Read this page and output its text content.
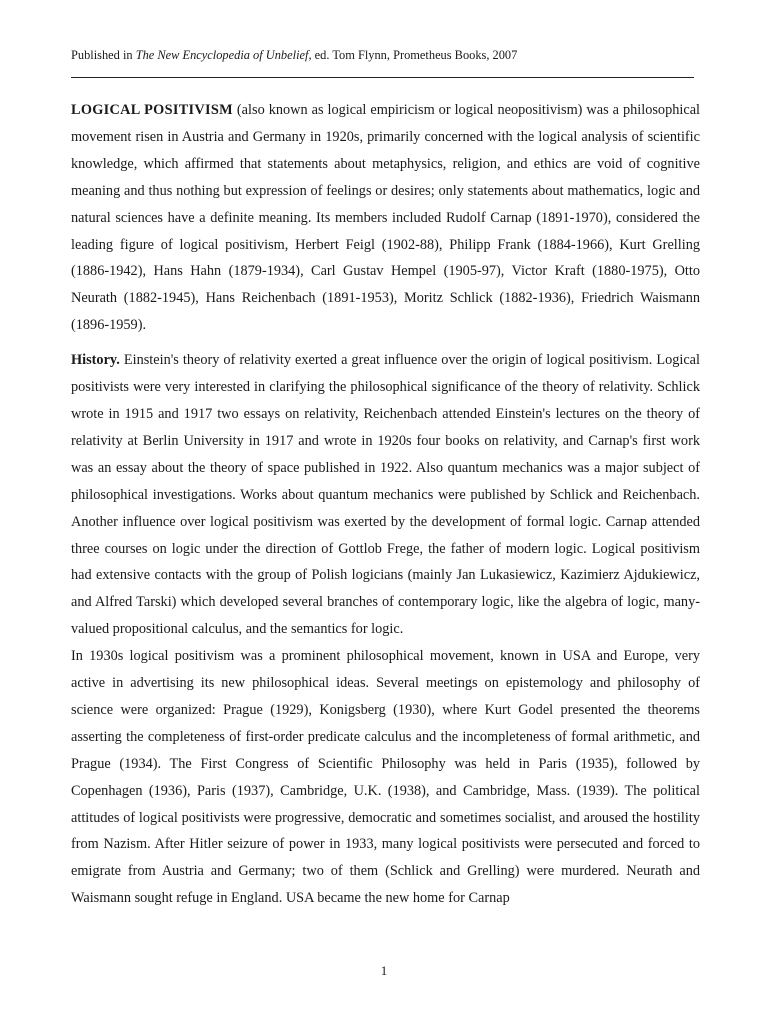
Published in The New Encyclopedia of Unbelief, ed. Tom Flynn, Prometheus Books, 2007

LOGICAL POSITIVISM (also known as logical empiricism or logical neopositivism) was a philosophical movement risen in Austria and Germany in 1920s, primarily concerned with the logical analysis of scientific knowledge, which affirmed that statements about metaphysics, religion, and ethics are void of cognitive meaning and thus nothing but expression of feelings or desires; only statements about mathematics, logic and natural sciences have a definite meaning. Its members included Rudolf Carnap (1891-1970), considered the leading figure of logical positivism, Herbert Feigl (1902-88), Philipp Frank (1884-1966), Kurt Grelling (1886-1942), Hans Hahn (1879-1934), Carl Gustav Hempel (1905-97), Victor Kraft (1880-1975), Otto Neurath (1882-1945), Hans Reichenbach (1891-1953), Moritz Schlick (1882-1936), Friedrich Waismann (1896-1959).

History. Einstein's theory of relativity exerted a great influence over the origin of logical positivism. Logical positivists were very interested in clarifying the philosophical significance of the theory of relativity. Schlick wrote in 1915 and 1917 two essays on relativity, Reichenbach attended Einstein's lectures on the theory of relativity at Berlin University in 1917 and wrote in 1920s four books on relativity, and Carnap's first work was an essay about the theory of space published in 1922. Also quantum mechanics was a major subject of philosophical investigations. Works about quantum mechanics were published by Schlick and Reichenbach. Another influence over logical positivism was exerted by the development of formal logic. Carnap attended three courses on logic under the direction of Gottlob Frege, the father of modern logic. Logical positivism had extensive contacts with the group of Polish logicians (mainly Jan Lukasiewicz, Kazimierz Ajdukiewicz, and Alfred Tarski) which developed several branches of contemporary logic, like the algebra of logic, many-valued propositional calculus, and the semantics for logic.

In 1930s logical positivism was a prominent philosophical movement, known in USA and Europe, very active in advertising its new philosophical ideas. Several meetings on epistemology and philosophy of science were organized: Prague (1929), Konigsberg (1930), where Kurt Godel presented the theorems asserting the completeness of first-order predicate calculus and the incompleteness of formal arithmetic, and Prague (1934). The First Congress of Scientific Philosophy was held in Paris (1935), followed by Copenhagen (1936), Paris (1937), Cambridge, U.K. (1938), and Cambridge, Mass. (1939). The political attitudes of logical positivists were progressive, democratic and sometimes socialist, and aroused the hostility from Nazism. After Hitler seizure of power in 1933, many logical positivists were persecuted and forced to emigrate from Austria and Germany; two of them (Schlick and Grelling) were murdered. Neurath and Waismann sought refuge in England. USA became the new home for Carnap

1
